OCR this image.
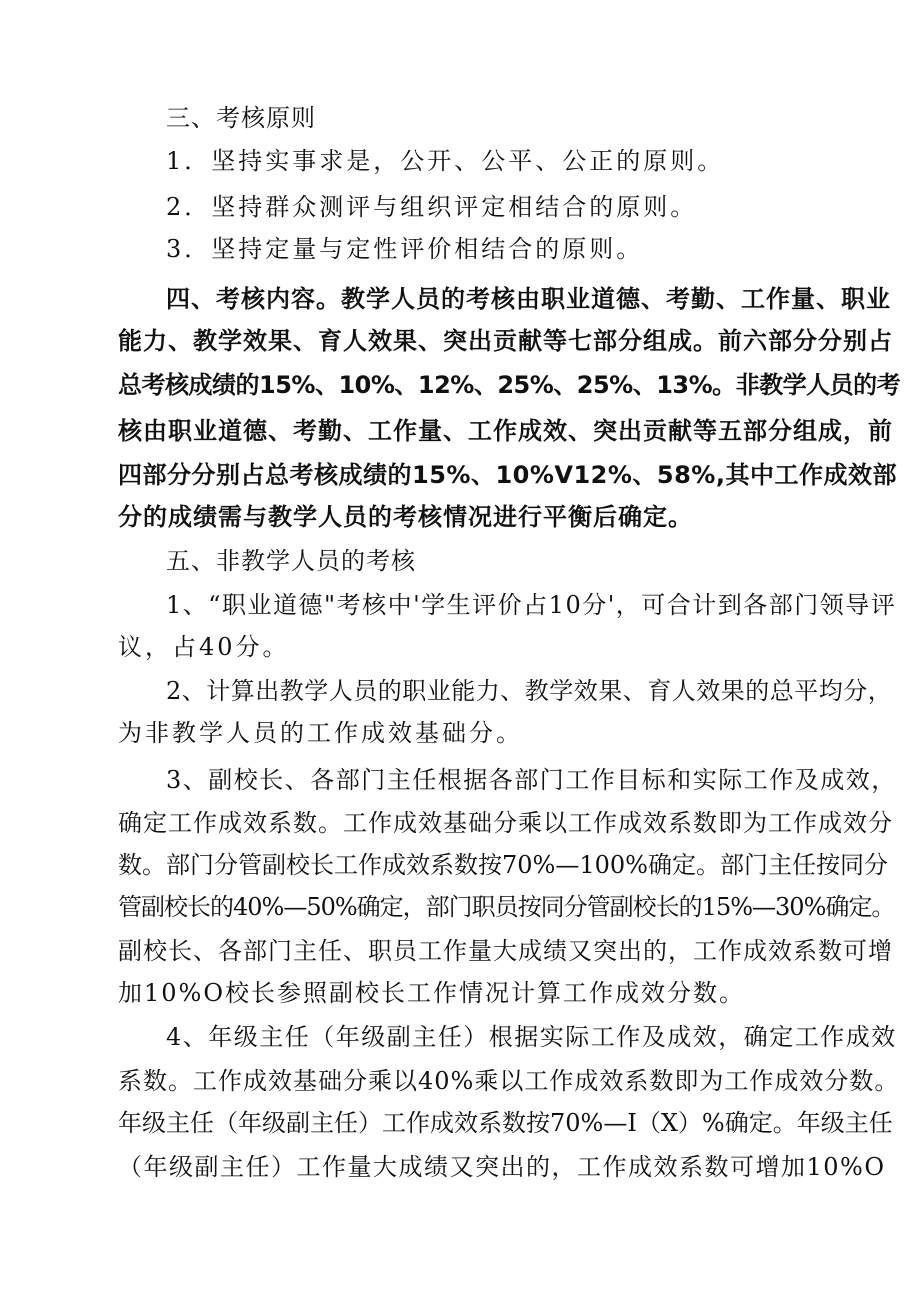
三、考核原则
1．坚持实事求是，公开、公平、公正的原则。
2．坚持群众测评与组织评定相结合的原则。
3．坚持定量与定性评价相结合的原则。
四、考核内容。教学人员的考核由职业道德、考勤、工作量、职业
能力、教学效果、育人效果、突出贡献等七部分组成。前六部分分别占
总考核成绩的15%、10%、12%、25%、25%、13%。非教学人员的考
核由职业道德、考勤、工作量、工作成效、突出贡献等五部分组成，前
四部分分别占总考核成绩的15%、10%V12%、58%,其中工作成效部
分的成绩需与教学人员的考核情况进行平衡后确定。
五、非教学人员的考核
1、“职业道德"考核中'学生评价占10分'，可合计到各部门领导评
议，占40分。
2、计算出教学人员的职业能力、教学效果、育人效果的总平均分，
为非教学人员的工作成效基础分。
3、副校长、各部门主任根据各部门工作目标和实际工作及成效，
确定工作成效系数。工作成效基础分乘以工作成效系数即为工作成效分
数。部门分管副校长工作成效系数按70%—100%确定。部门主任按同分
管副校长的40%—50%确定，部门职员按同分管副校长的15%—30%确定。
副校长、各部门主任、职员工作量大成绩又突出的，工作成效系数可增
加10%O校长参照副校长工作情况计算工作成效分数。
4、年级主任（年级副主任）根据实际工作及成效，确定工作成效
系数。工作成效基础分乘以40%乘以工作成效系数即为工作成效分数。
年级主任（年级副主任）工作成效系数按70%—I（X）%确定。年级主任
（年级副主任）工作量大成绩又突出的，工作成效系数可增加10%O
